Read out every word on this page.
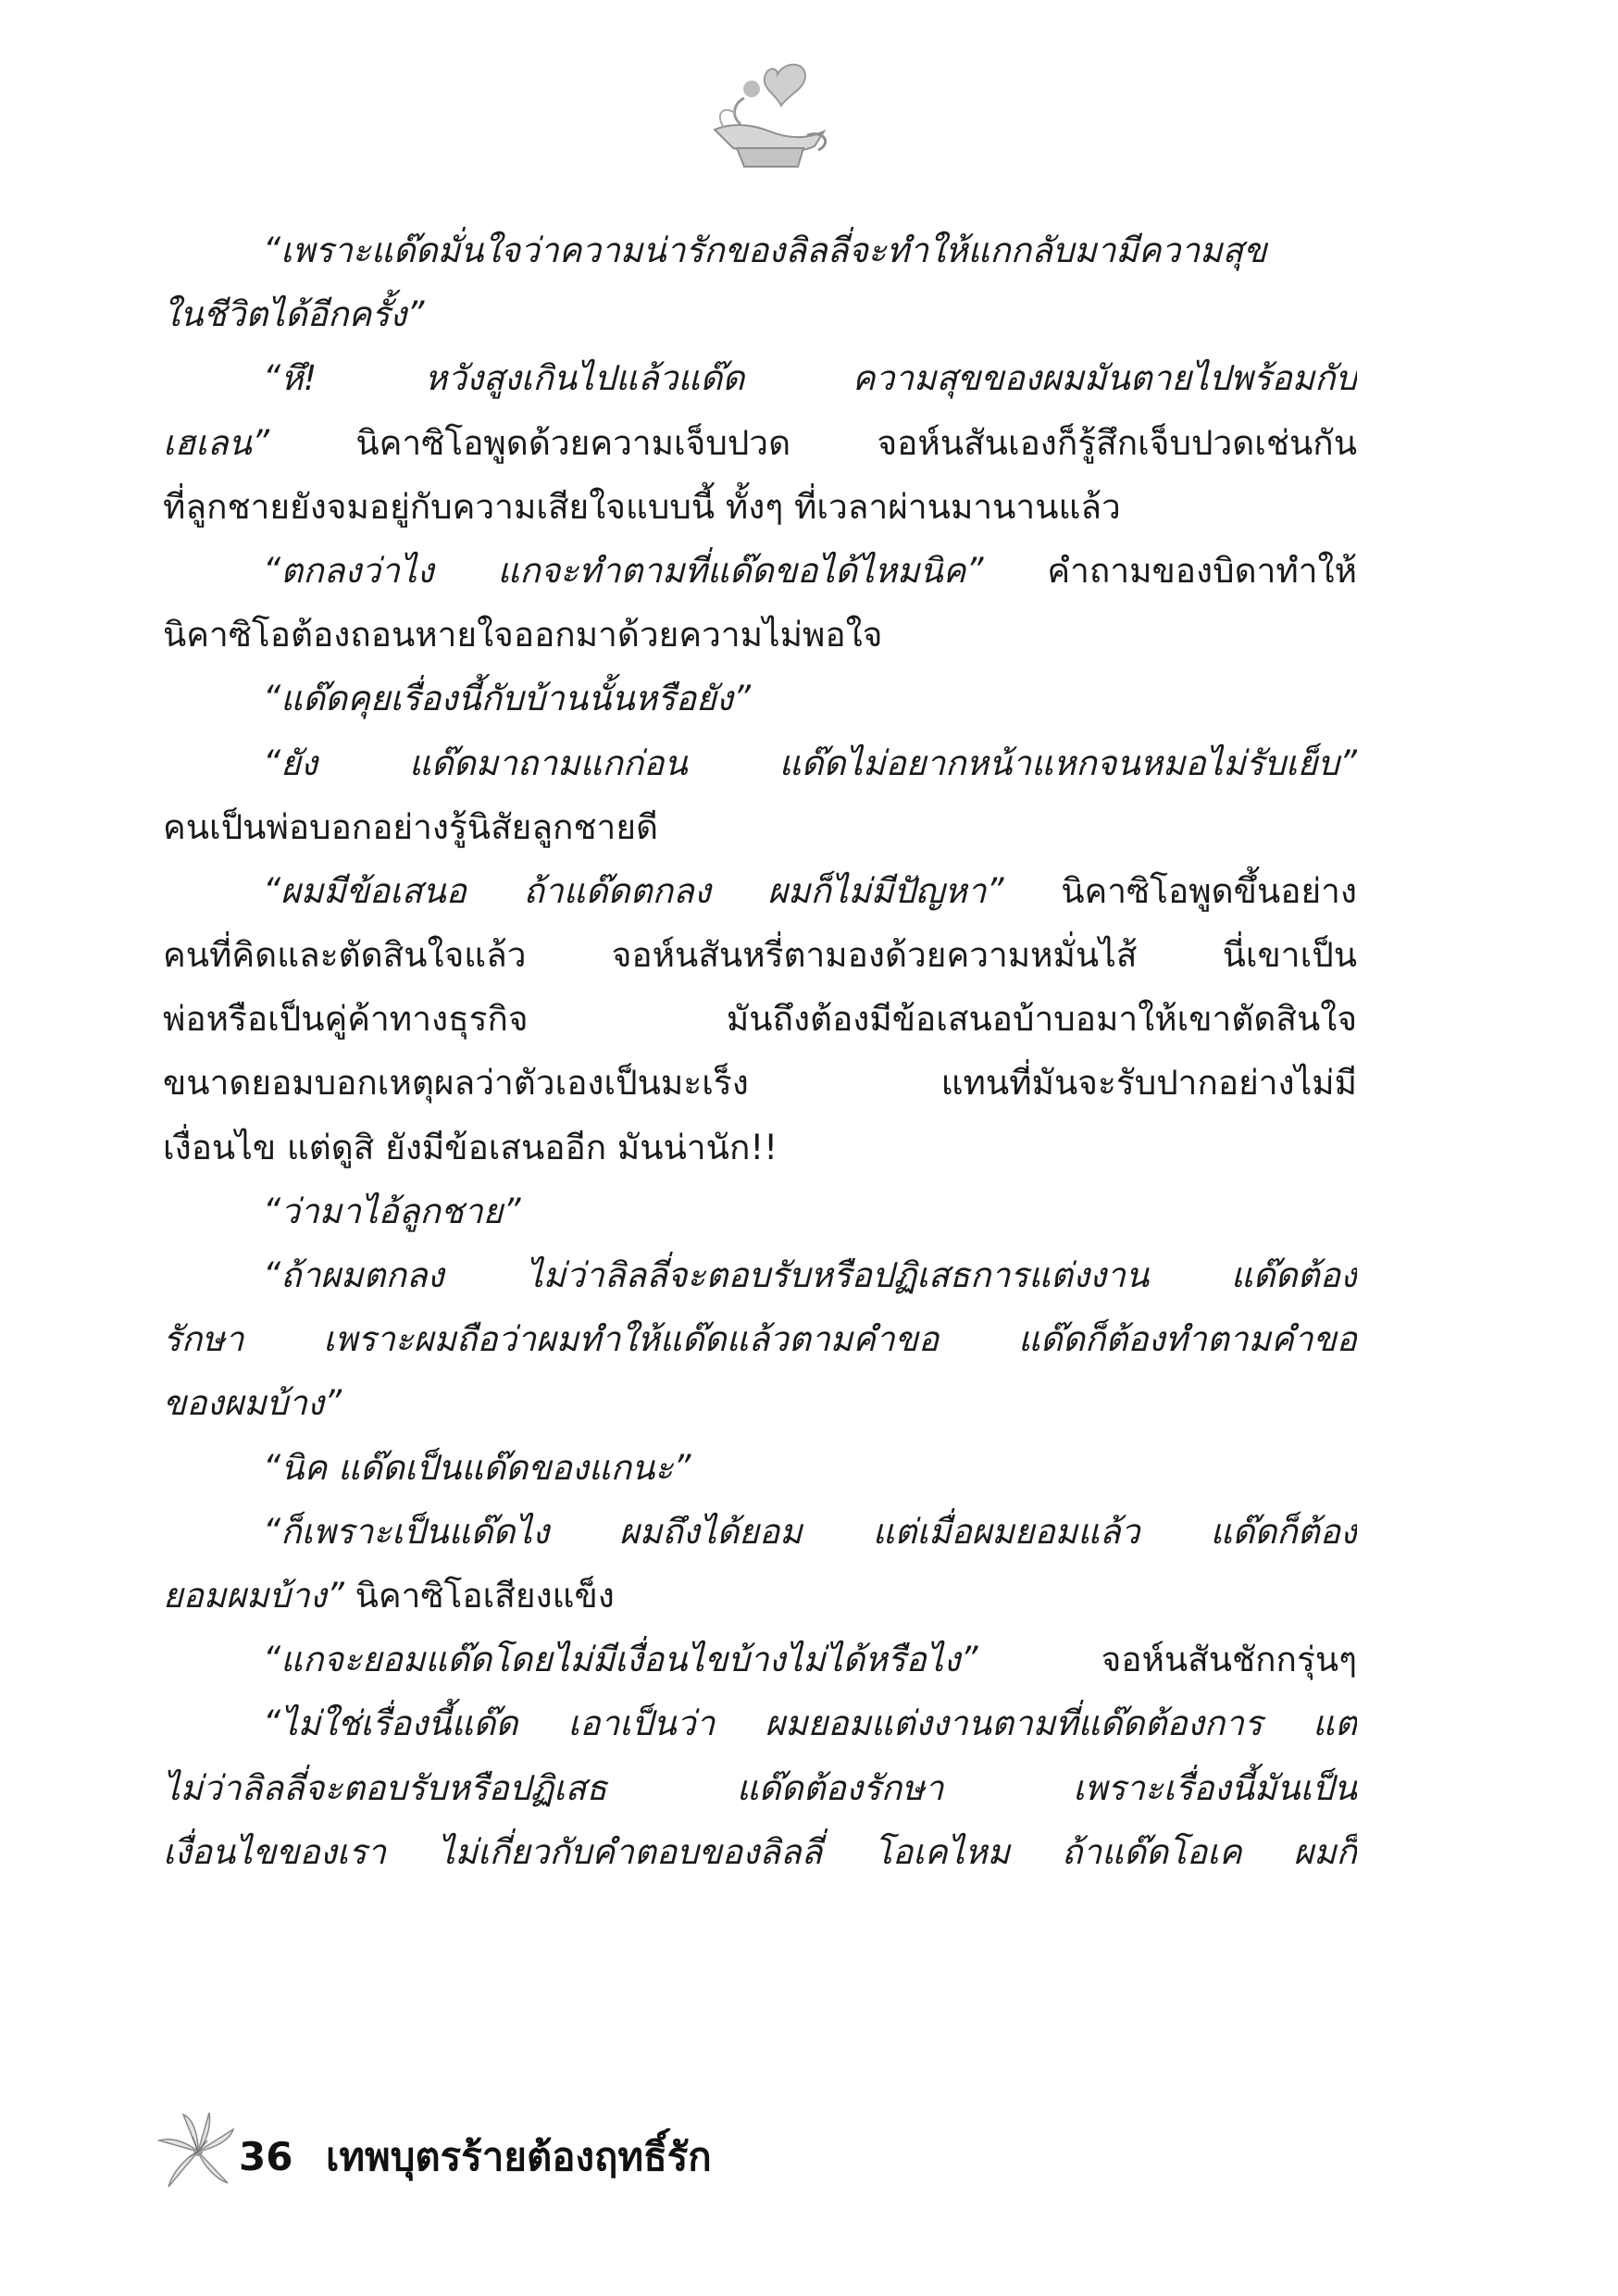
“เพราะแด๊ดมั่นใจว่าความน่ารักของลิลลี่จะทำให้แกกลับมามีความสุข
ในชีวิตได้อีกครั้ง”
“หึ! หวังสูงเกินไปแล้วแด๊ด ความสุขของผมมันตายไปพร้อมกับ
เฮเลน” นิคาซิโอพูดด้วยความเจ็บปวด จอห์นสันเองก็รู้สึกเจ็บปวดเช่นกัน
ที่ลูกชายยังจมอยู่กับความเสียใจแบบนี้ ทั้งๆ ที่เวลาผ่านมานานแล้ว
“ตกลงว่าไง แกจะทำตามที่แด๊ดขอได้ไหมนิค” คำถามของบิดาทำให้
นิคาซิโอต้องถอนหายใจออกมาด้วยความไม่พอใจ
“แด๊ดคุยเรื่องนี้กับบ้านนั้นหรือยัง”
“ยัง แด๊ดมาถามแกก่อน แด๊ดไม่อยากหน้าแหกจนหมอไม่รับเย็บ”
คนเป็นพ่อบอกอย่างรู้นิสัยลูกชายดี
“ผมมีข้อเสนอ ถ้าแด๊ดตกลง ผมก็ไม่มีปัญหา” นิคาซิโอพูดขึ้นอย่าง
คนที่คิดและตัดสินใจแล้ว จอห์นสันหรี่ตามองด้วยความหมั่นไส้ นี่เขาเป็น
พ่อหรือเป็นคู่ค้าทางธุรกิจ มันถึงต้องมีข้อเสนอบ้าบอมาให้เขาตัดสินใจ
ขนาดยอมบอกเหตุผลว่าตัวเองเป็นมะเร็ง แทนที่มันจะรับปากอย่างไม่มี
เงื่อนไข แต่ดูสิ ยังมีข้อเสนออีก มันน่านัก!!
“ว่ามาไอ้ลูกชาย”
“ถ้าผมตกลง ไม่ว่าลิลลี่จะตอบรับหรือปฏิเสธการแต่งงาน แด๊ดต้อง
รักษา เพราะผมถือว่าผมทำให้แด๊ดแล้วตามคำขอ แด๊ดก็ต้องทำตามคำขอ
ของผมบ้าง”
“นิค แด๊ดเป็นแด๊ดของแกนะ”
“ก็เพราะเป็นแด๊ดไง ผมถึงได้ยอม แต่เมื่อผมยอมแล้ว แด๊ดก็ต้อง
ยอมผมบ้าง” นิคาซิโอเสียงแข็ง
“แกจะยอมแด๊ดโดยไม่มีเงื่อนไขบ้างไม่ได้หรือไง” จอห์นสันชักกรุ่นๆ
“ไม่ใช่เรื่องนี้แด๊ด เอาเป็นว่า ผมยอมแต่งงานตามที่แด๊ดต้องการ แต่
ไม่ว่าลิลลี่จะตอบรับหรือปฏิเสธ แด๊ดต้องรักษา เพราะเรื่องนี้มันเป็น
เงื่อนไขของเรา ไม่เกี่ยวกับคำตอบของลิลลี่ โอเคไหม ถ้าแด๊ดโอเค ผมก็
36 เทพบุตรร้ายต้องฤทธิ์รัก
